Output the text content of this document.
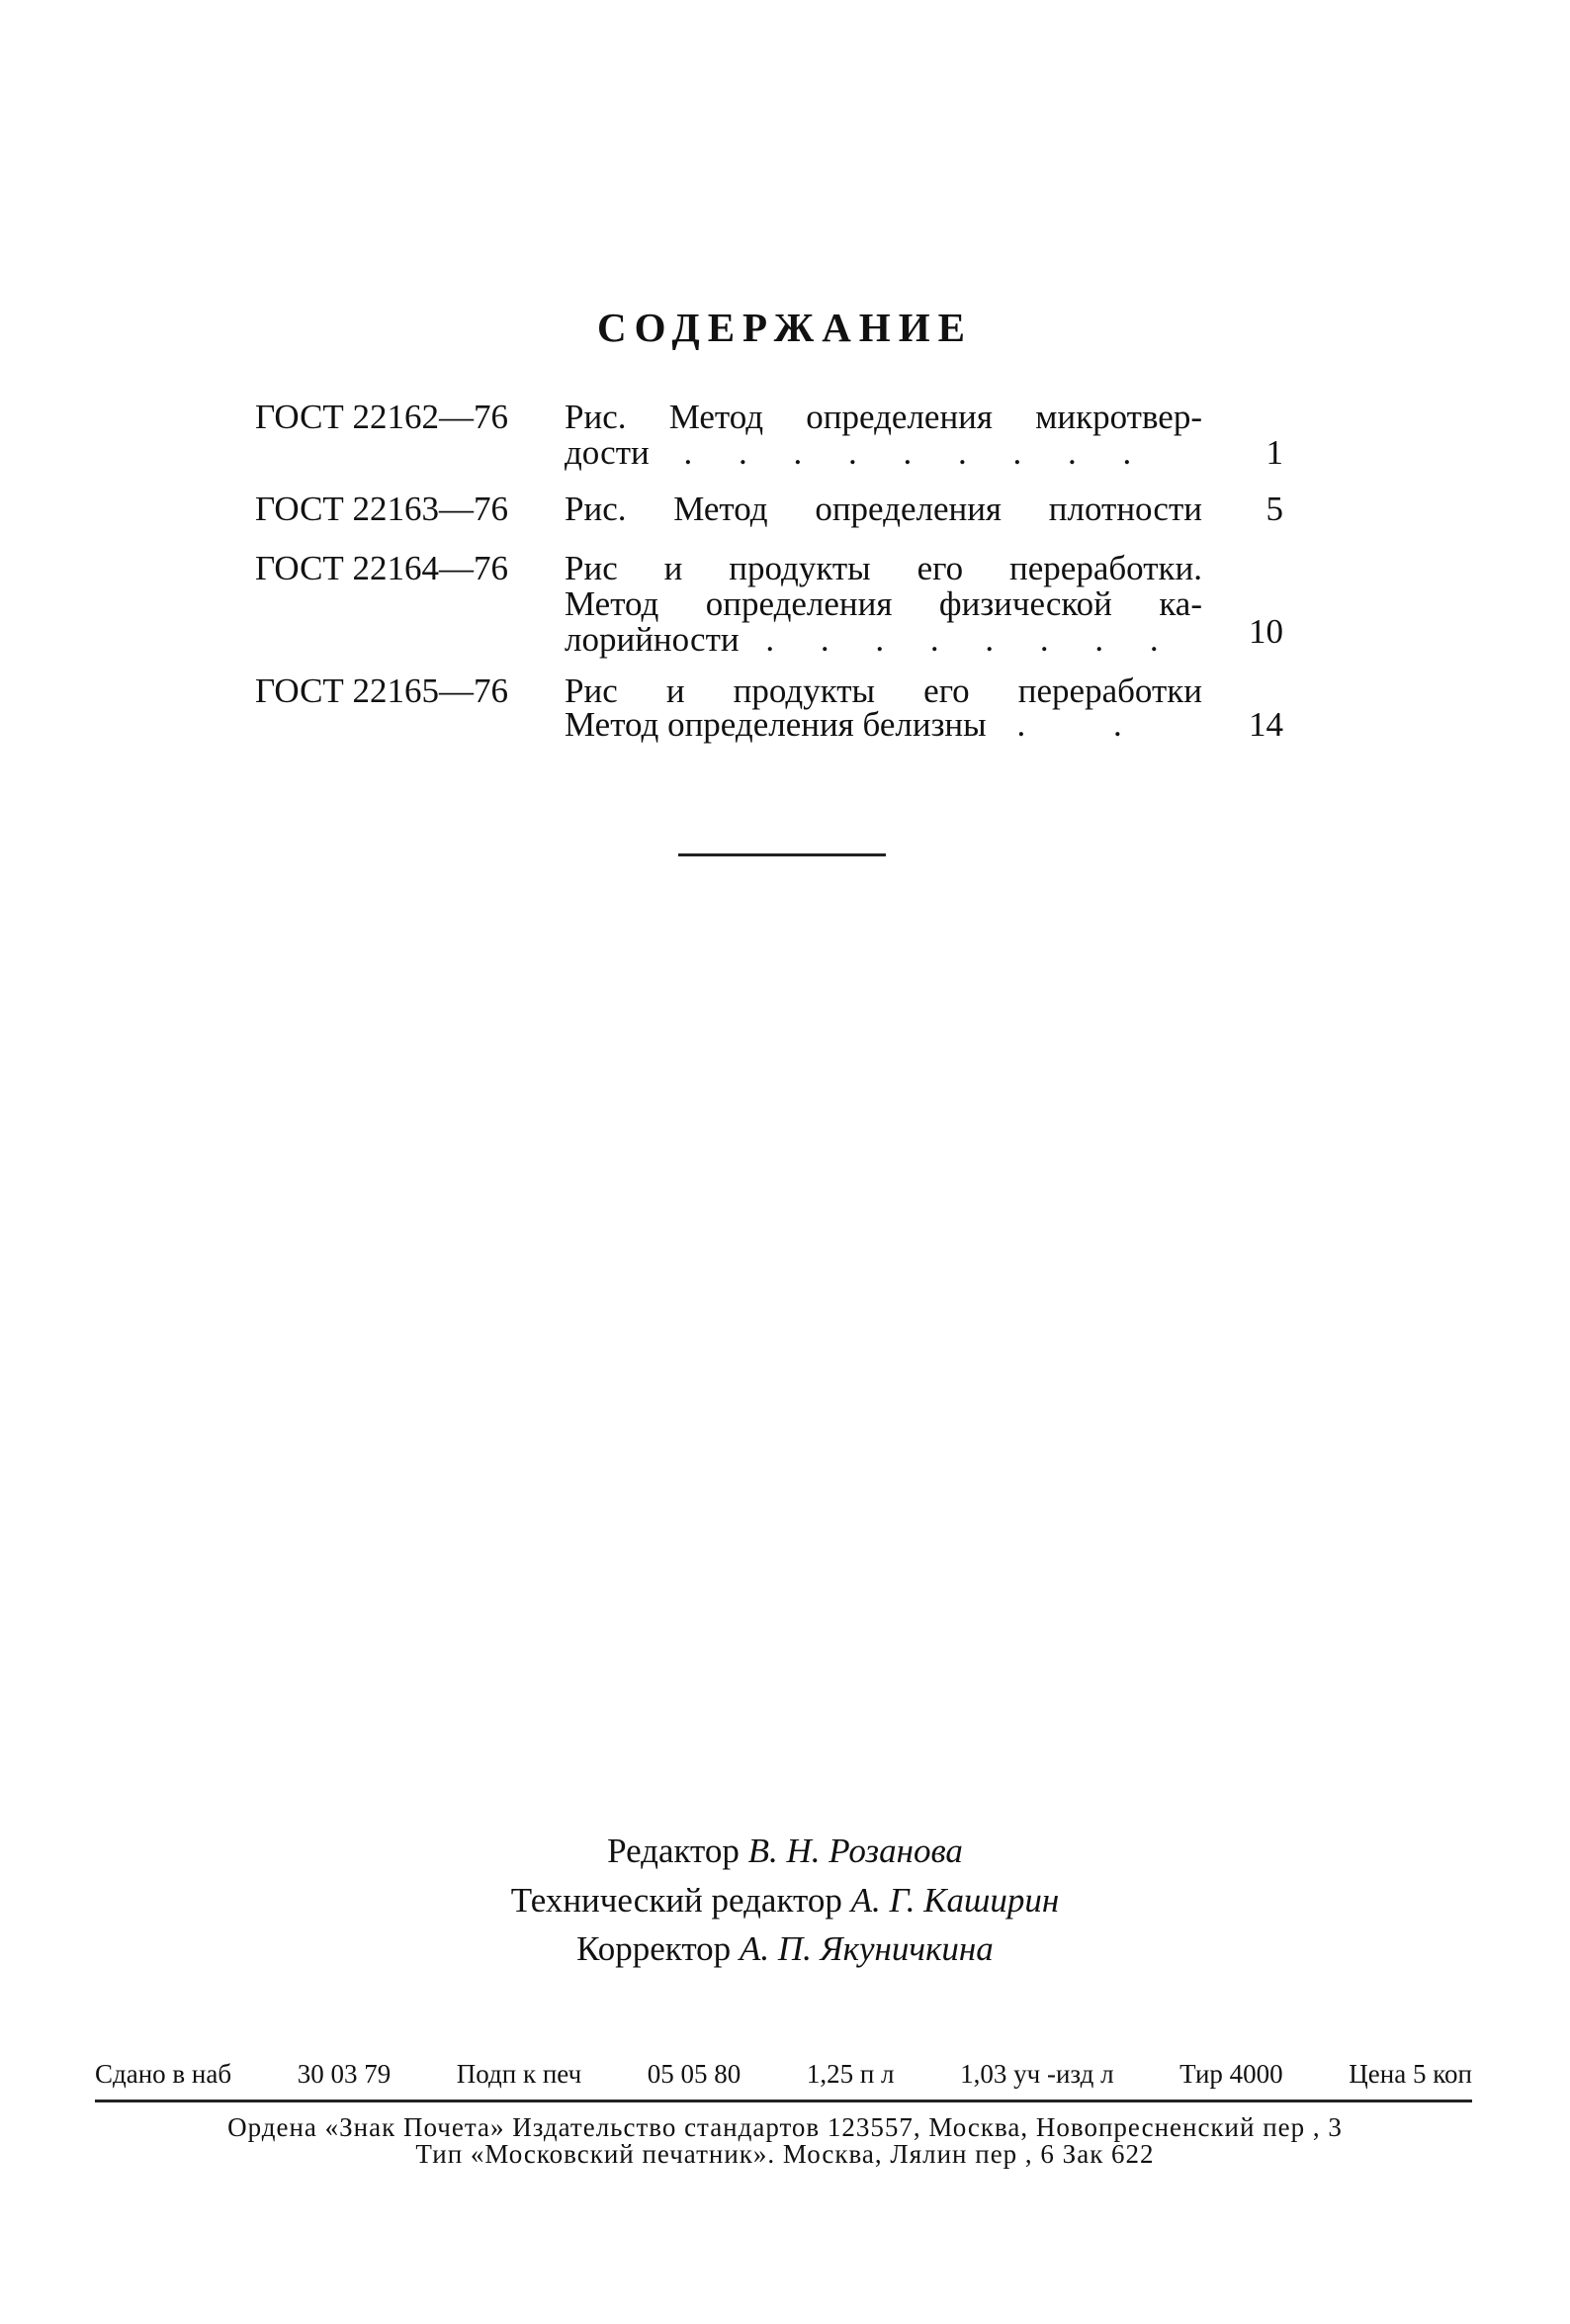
СОДЕРЖАНИЕ
ГОСТ 22162—76 Рис. Метод определения микротвер-
дости . . . . . . . . .	1
ГОСТ 22163—76 Рис. Метод определения плотности 5
ГОСТ 22164—76 Рис и продукты его переработки.
Метод определения физической ка-
лорийности . . . . . . . . 10
ГОСТ 22165—76 Рис и продукты его переработки
Метод определения белизны . .	14
Редактор В. Н. Розанова
Технический редактор А. Г. Каширин
Корректор А. П. Якуничкина
Сдано в наб 30 03 79 Подп к печ 05 05 80 1,25 п л 1,03 уч -изд л Тир 4000 Цена 5 коп
Ордена «Знак Почета» Издательство стандартов 123557, Москва, Новопресненский пер , 3
Тип «Московский печатник». Москва, Лялин пер , 6 Зак 622
